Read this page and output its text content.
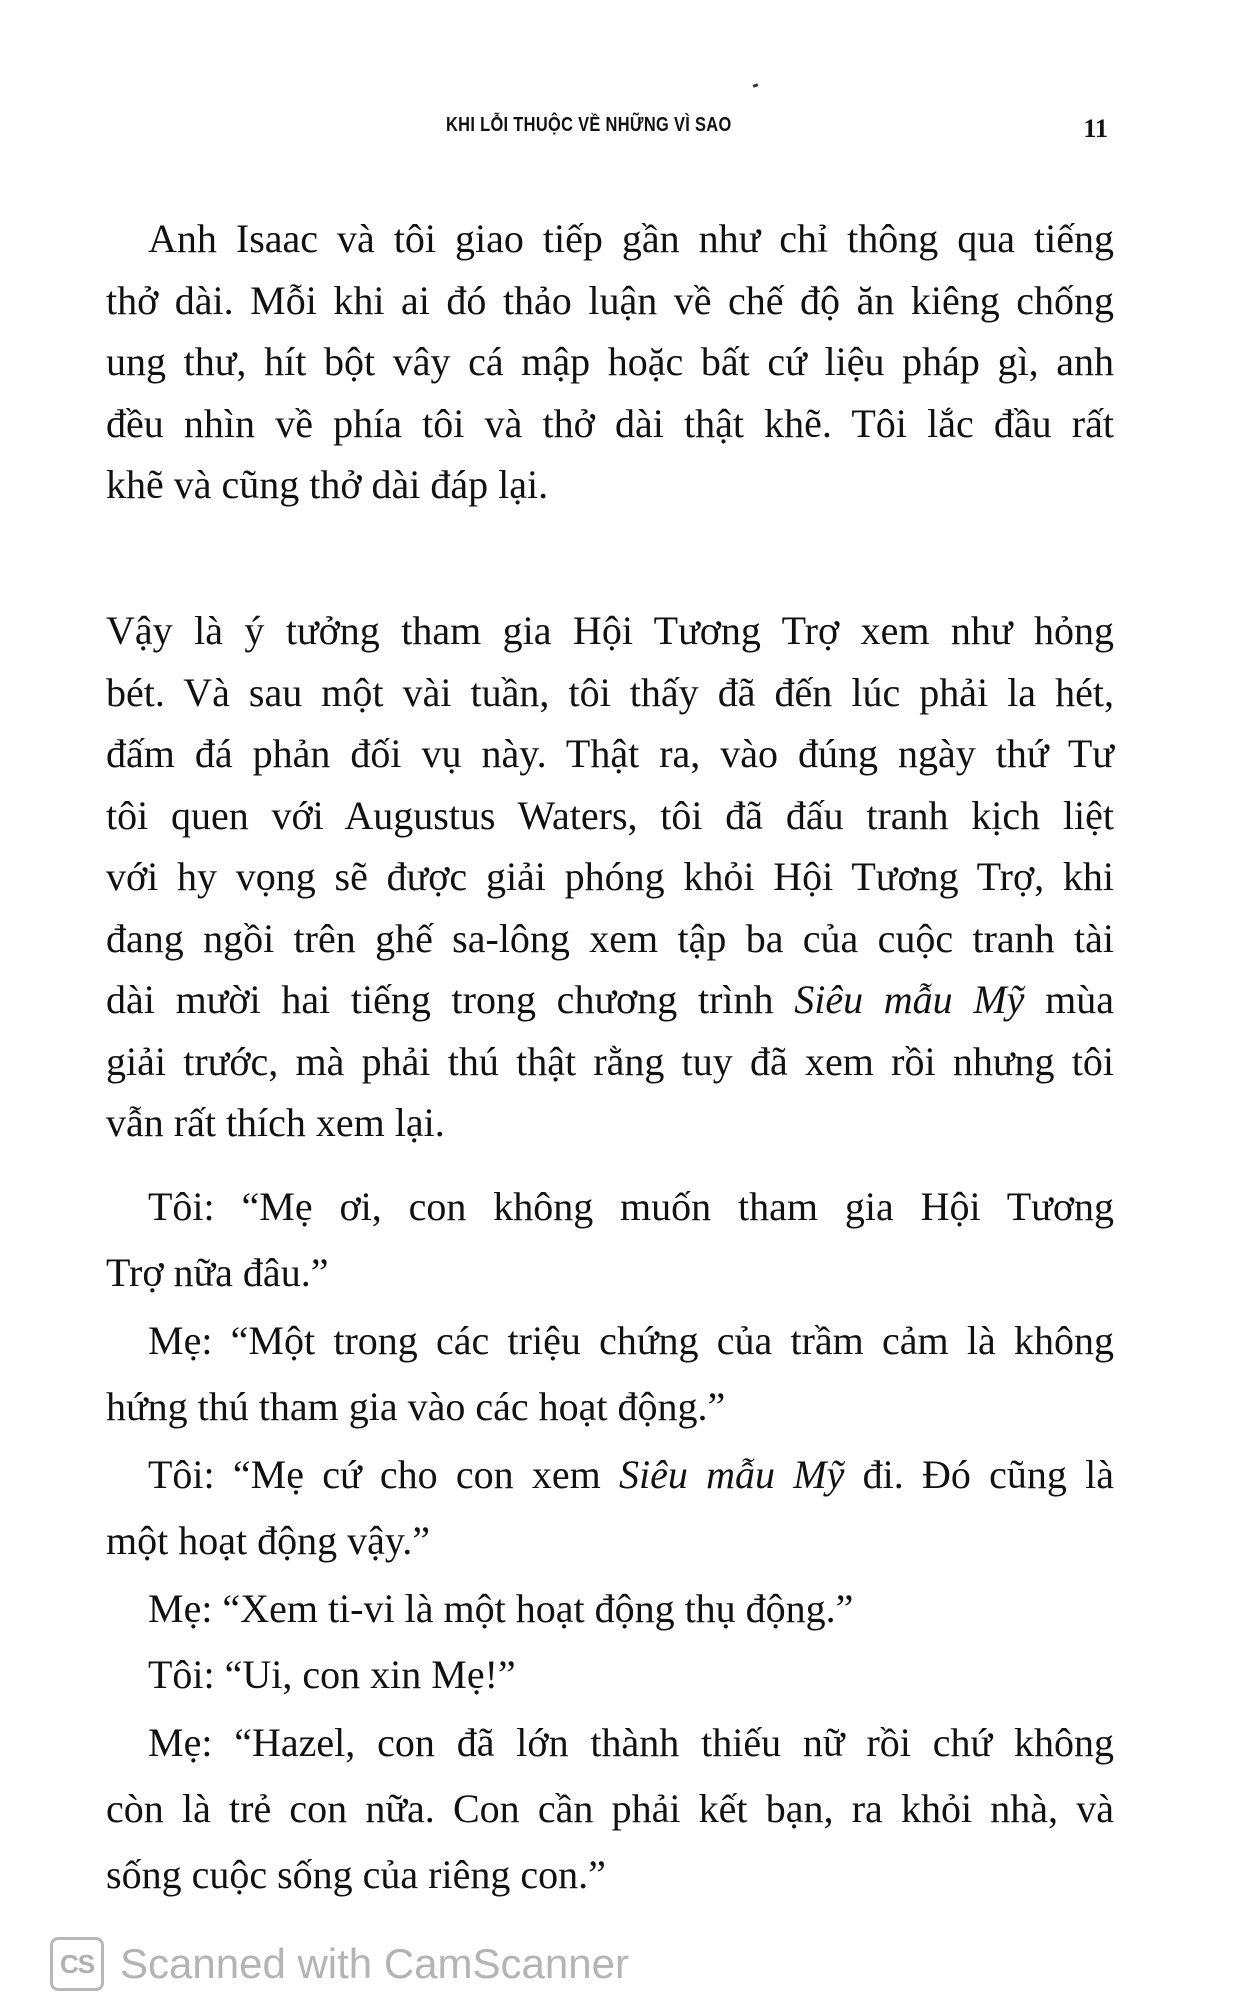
KHI LỖI THUỘC VỀ NHỮNG VÌ SAO	11
Anh Isaac và tôi giao tiếp gần như chỉ thông qua tiếng
thở dài. Mỗi khi ai đó thảo luận về chế độ ăn kiêng chống
ung thư, hít bột vây cá mập hoặc bất cứ liệu pháp gì, anh
đều nhìn về phía tôi và thở dài thật khẽ. Tôi lắc đầu rất
khẽ và cũng thở dài đáp lại.
Vậy là ý tưởng tham gia Hội Tương Trợ xem như hỏng
bét. Và sau một vài tuần, tôi thấy đã đến lúc phải la hét,
đấm đá phản đối vụ này. Thật ra, vào đúng ngày thứ Tư
tôi quen với Augustus Waters, tôi đã đấu tranh kịch liệt
với hy vọng sẽ được giải phóng khỏi Hội Tương Trợ, khi
đang ngồi trên ghế sa-lông xem tập ba của cuộc tranh tài
dài mười hai tiếng trong chương trình Siêu mẫu Mỹ mùa
giải trước, mà phải thú thật rằng tuy đã xem rồi nhưng tôi
vẫn rất thích xem lại.
Tôi: “Mẹ ơi, con không muốn tham gia Hội Tương
Trợ nữa đâu.”
Mẹ: “Một trong các triệu chứng của trầm cảm là không
hứng thú tham gia vào các hoạt động.”
Tôi: “Mẹ cứ cho con xem Siêu mẫu Mỹ đi. Đó cũng là
một hoạt động vậy.”
Mẹ: “Xem ti-vi là một hoạt động thụ động.”
Tôi: “Ui, con xin Mẹ!”
Mẹ: “Hazel, con đã lớn thành thiếu nữ rồi chứ không
còn là trẻ con nữa. Con cần phải kết bạn, ra khỏi nhà, và
sống cuộc sống của riêng con.”
CS Scanned with CamScanner
